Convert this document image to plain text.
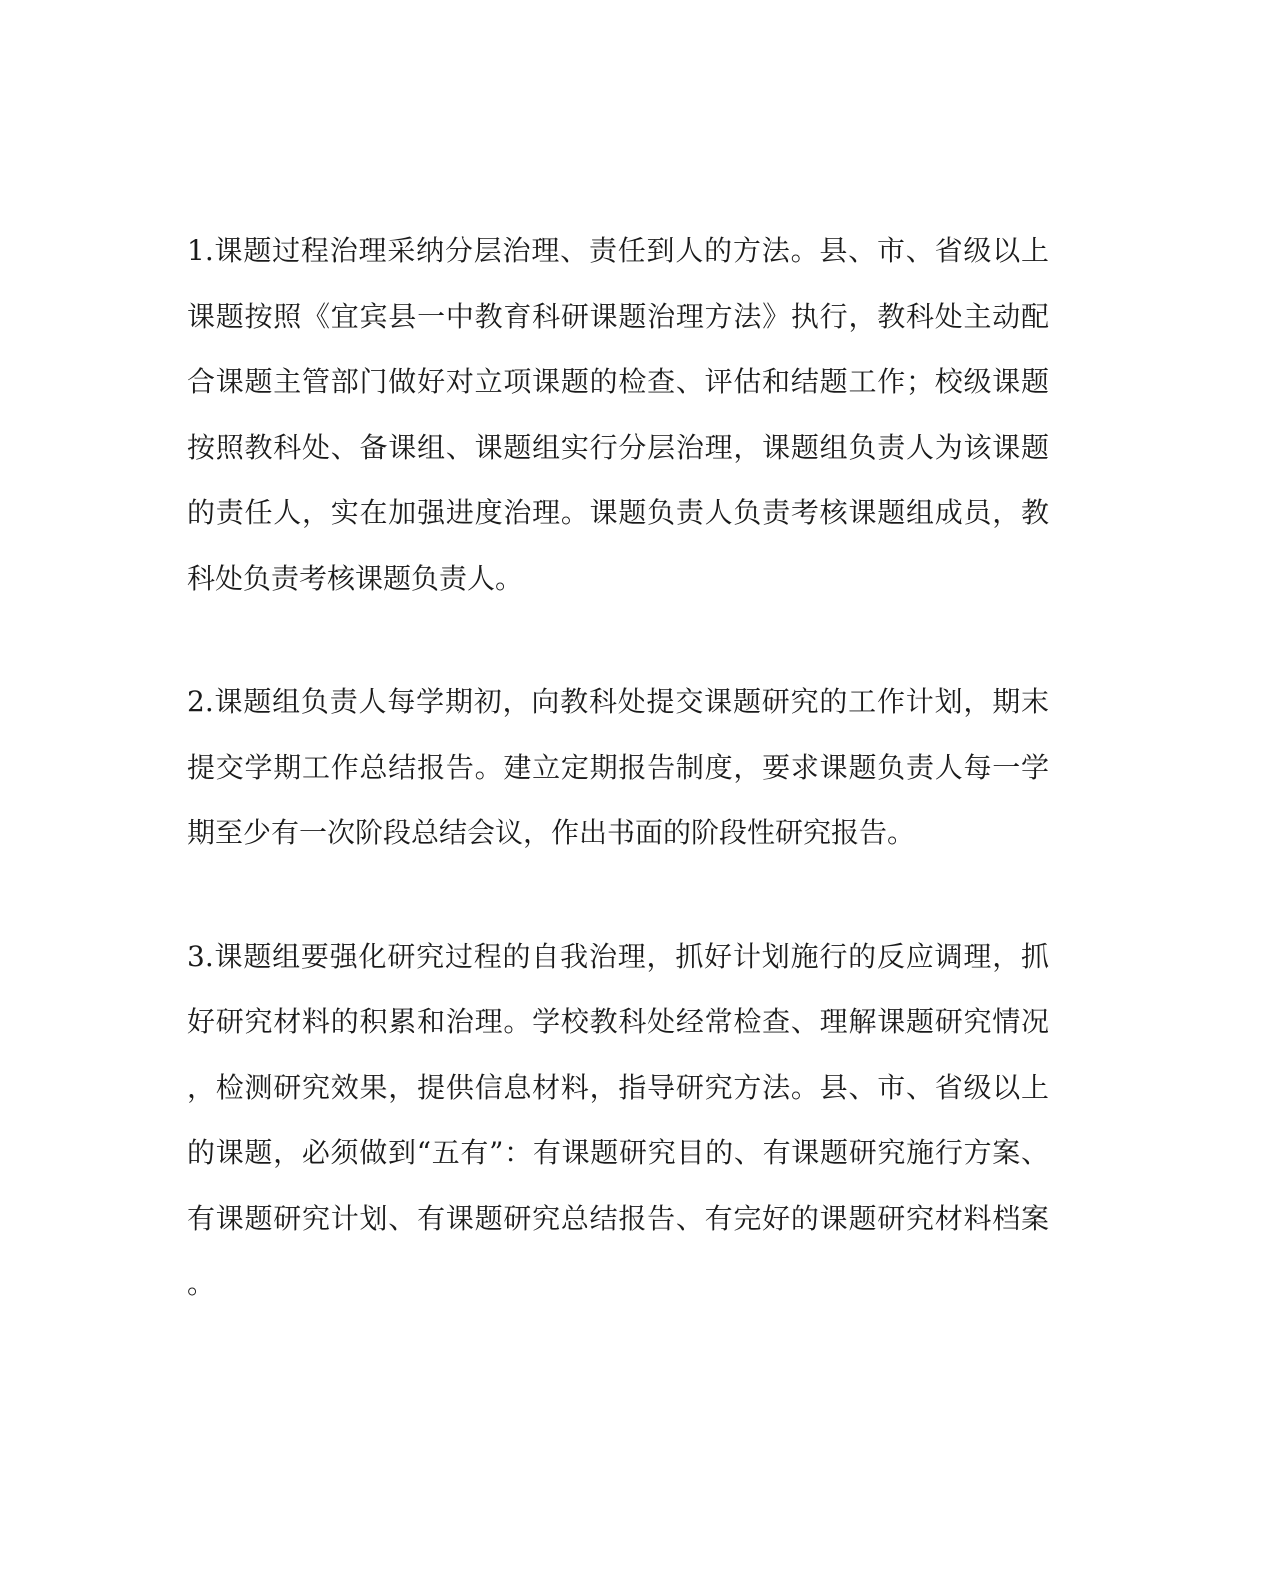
1.课题过程治理采纳分层治理、责任到人的方法。县、市、省级以上
课题按照《宜宾县一中教育科研课题治理方法》执行，教科处主动配
合课题主管部门做好对立项课题的检查、评估和结题工作；校级课题
按照教科处、备课组、课题组实行分层治理，课题组负责人为该课题
的责任人，实在加强进度治理。课题负责人负责考核课题组成员，教
科处负责考核课题负责人。

2.课题组负责人每学期初，向教科处提交课题研究的工作计划，期末
提交学期工作总结报告。建立定期报告制度，要求课题负责人每一学
期至少有一次阶段总结会议，作出书面的阶段性研究报告。

3.课题组要强化研究过程的自我治理，抓好计划施行的反应调理，抓
好研究材料的积累和治理。学校教科处经常检查、理解课题研究情况
，检测研究效果，提供信息材料，指导研究方法。县、市、省级以上
的课题，必须做到“五有”：有课题研究目的、有课题研究施行方案、
有课题研究计划、有课题研究总结报告、有完好的课题研究材料档案
。
